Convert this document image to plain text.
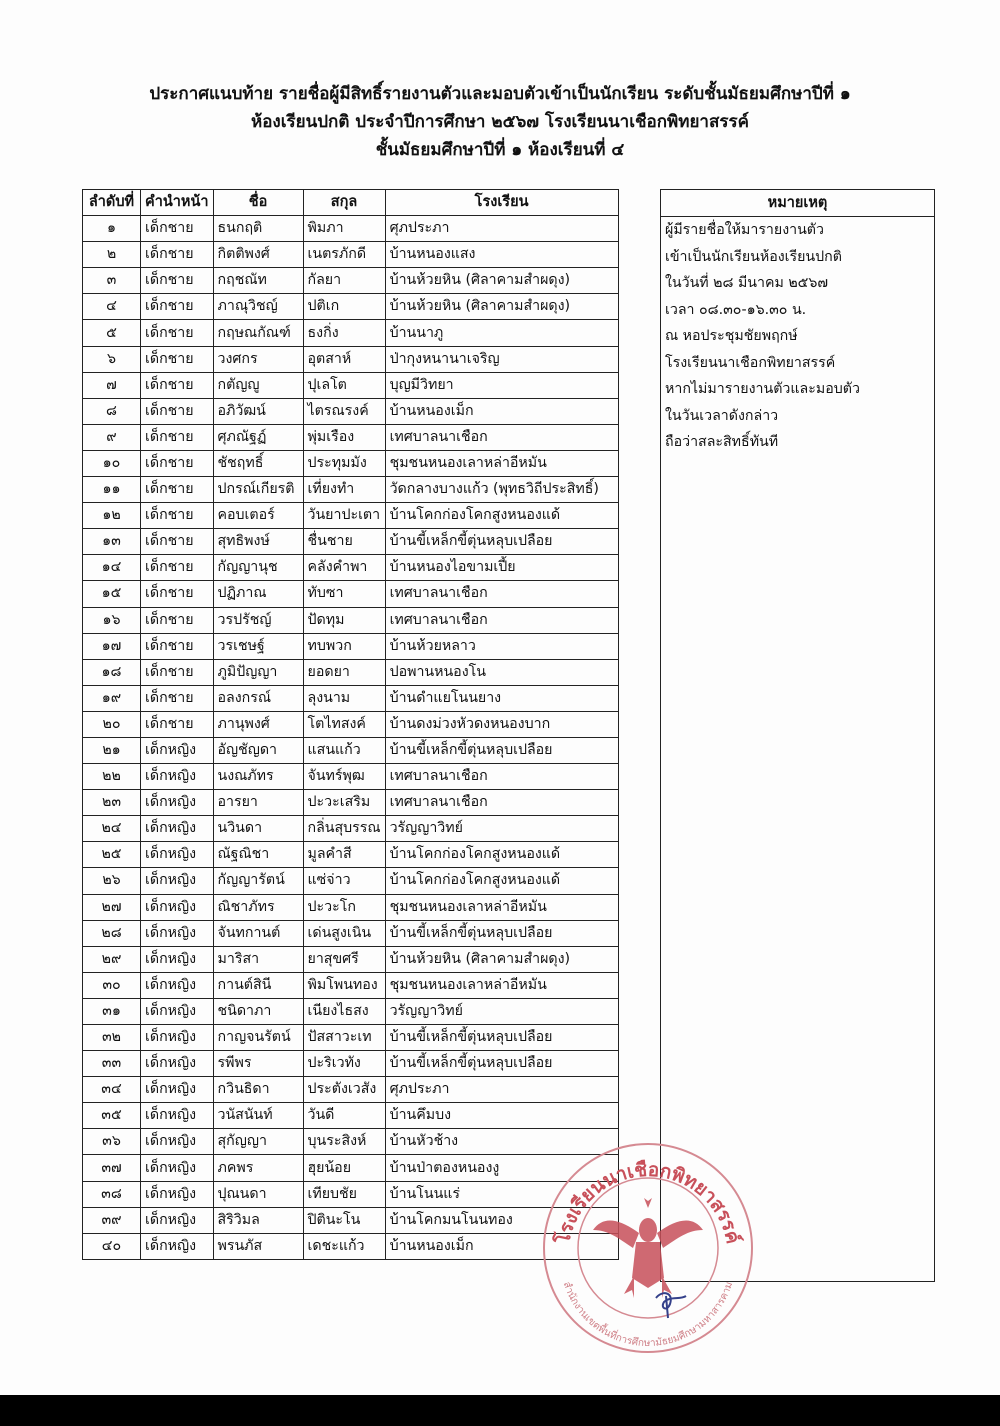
ประกาศแนบท้าย รายชื่อผู้มีสิทธิ์รายงานตัวและมอบตัวเข้าเป็นนักเรียน ระดับชั้นมัธยมศึกษาปีที่ ๑
ห้องเรียนปกติ ประจำปีการศึกษา ๒๕๖๗ โรงเรียนนาเชือกพิทยาสรรค์
ชั้นมัธยมศึกษาปีที่ ๑ ห้องเรียนที่ ๔
ลำดับที่	คำนำหน้า	ชื่อ	สกุล	โรงเรียน
๑	เด็กชาย	ธนกฤติ	พิมภา	ศุภประภา
๒	เด็กชาย	กิตติพงศ์	เนตรภักดี	บ้านหนองแสง
๓	เด็กชาย	กฤชณัท	กัลยา	บ้านห้วยหิน (ศิลาคามสำผดุง)
๔	เด็กชาย	ภาณุวิชญ์	ปติเก	บ้านห้วยหิน (ศิลาคามสำผดุง)
๕	เด็กชาย	กฤษณกัณฑ์	ธงกิ่ง	บ้านนาภู
๖	เด็กชาย	วงศกร	อุตสาห์	ป่ากุงหนานาเจริญ
๗	เด็กชาย	กตัญญู	ปุเลโต	บุญมีวิทยา
๘	เด็กชาย	อภิวัฒน์	ไตรณรงค์	บ้านหนองเม็ก
๙	เด็กชาย	ศุภณัฐฏ์	พุ่มเรือง	เทศบาลนาเชือก
๑๐	เด็กชาย	ชัชฤทธิ์	ประทุมมัง	ชุมชนหนองเลาหล่าอีหมัน
๑๑	เด็กชาย	ปกรณ์เกียรติ	เที่ยงทำ	วัดกลางบางแก้ว (พุทธวิถีประสิทธิ์)
๑๒	เด็กชาย	คอบเตอร์	วันยาปะเตา	บ้านโคกก่องโคกสูงหนองแด้
๑๓	เด็กชาย	สุทธิพงษ์	ชื่นชาย	บ้านขี้เหล็กขี้ตุ่นหลุบเปลือย
๑๔	เด็กชาย	กัญญานุช	คลังคำพา	บ้านหนองไอขามเปี้ย
๑๕	เด็กชาย	ปฏิภาณ	ทับซา	เทศบาลนาเชือก
๑๖	เด็กชาย	วรปรัชญ์	ปัดทุม	เทศบาลนาเชือก
๑๗	เด็กชาย	วรเชษฐ์	ทบพวก	บ้านห้วยหลาว
๑๘	เด็กชาย	ภูมิปัญญา	ยอดยา	ปอพานหนองโน
๑๙	เด็กชาย	อลงกรณ์	ลุงนาม	บ้านดำแยโนนยาง
๒๐	เด็กชาย	ภานุพงศ์	โตไทสงค์	บ้านดงม่วงหัวดงหนองบาก
๒๑	เด็กหญิง	อัญชัญดา	แสนแก้ว	บ้านขี้เหล็กขี้ตุ่นหลุบเปลือย
๒๒	เด็กหญิง	นงณภัทร	จันทร์พุฒ	เทศบาลนาเชือก
๒๓	เด็กหญิง	อารยา	ปะวะเสริม	เทศบาลนาเชือก
๒๔	เด็กหญิง	นวินดา	กลิ่นสุบรรณ	วรัญญาวิทย์
๒๕	เด็กหญิง	ณัฐณิชา	มูลคำสี	บ้านโคกก่องโคกสูงหนองแด้
๒๖	เด็กหญิง	กัญญารัตน์	แซ่จ่าว	บ้านโคกก่องโคกสูงหนองแด้
๒๗	เด็กหญิง	ณิชาภัทร	ปะวะโก	ชุมชนหนองเลาหล่าอีหมัน
๒๘	เด็กหญิง	จันทกานต์	เด่นสูงเนิน	บ้านขี้เหล็กขี้ตุ่นหลุบเปลือย
๒๙	เด็กหญิง	มาริสา	ยาสุขศรี	บ้านห้วยหิน (ศิลาคามสำผดุง)
๓๐	เด็กหญิง	กานต์สินี	พิมโพนทอง	ชุมชนหนองเลาหล่าอีหมัน
๓๑	เด็กหญิง	ชนิดาภา	เนียงไธสง	วรัญญาวิทย์
๓๒	เด็กหญิง	กาญจนรัตน์	ปัสสาวะเท	บ้านขี้เหล็กขี้ตุ่นหลุบเปลือย
๓๓	เด็กหญิง	รพีพร	ปะริเวทัง	บ้านขี้เหล็กขี้ตุ่นหลุบเปลือย
๓๔	เด็กหญิง	กวินธิดา	ประตังเวสัง	ศุภประภา
๓๕	เด็กหญิง	วนัสนันท์	วันดี	บ้านคึมบง
๓๖	เด็กหญิง	สุกัญญา	บุนระสิงห์	บ้านหัวช้าง
๓๗	เด็กหญิง	ภคพร	ฮุยน้อย	บ้านป่าตองหนองงู
๓๘	เด็กหญิง	ปุณนดา	เทียบชัย	บ้านโนนแร่
๓๙	เด็กหญิง	สิริวิมล	ปิตินะโน	บ้านโคกมนโนนทอง
๔๐	เด็กหญิง	พรนภัส	เดชะแก้ว	บ้านหนองเม็ก
หมายเหตุ
ผู้มีรายชื่อให้มารายงานตัว
เข้าเป็นนักเรียนห้องเรียนปกติ
ในวันที่ ๒๘ มีนาคม ๒๕๖๗
เวลา ๐๘.๓๐-๑๖.๓๐ น.
ณ หอประชุมชัยพฤกษ์
โรงเรียนนาเชือกพิทยาสรรค์
หากไม่มารายงานตัวและมอบตัว
ในวันเวลาดังกล่าว
ถือว่าสละสิทธิ์ทันที
โรงเรียนนาเชือกพิทยาสรรค์
สำนักงานเขตพื้นที่การศึกษามัธยมศึกษามหาสารคาม
